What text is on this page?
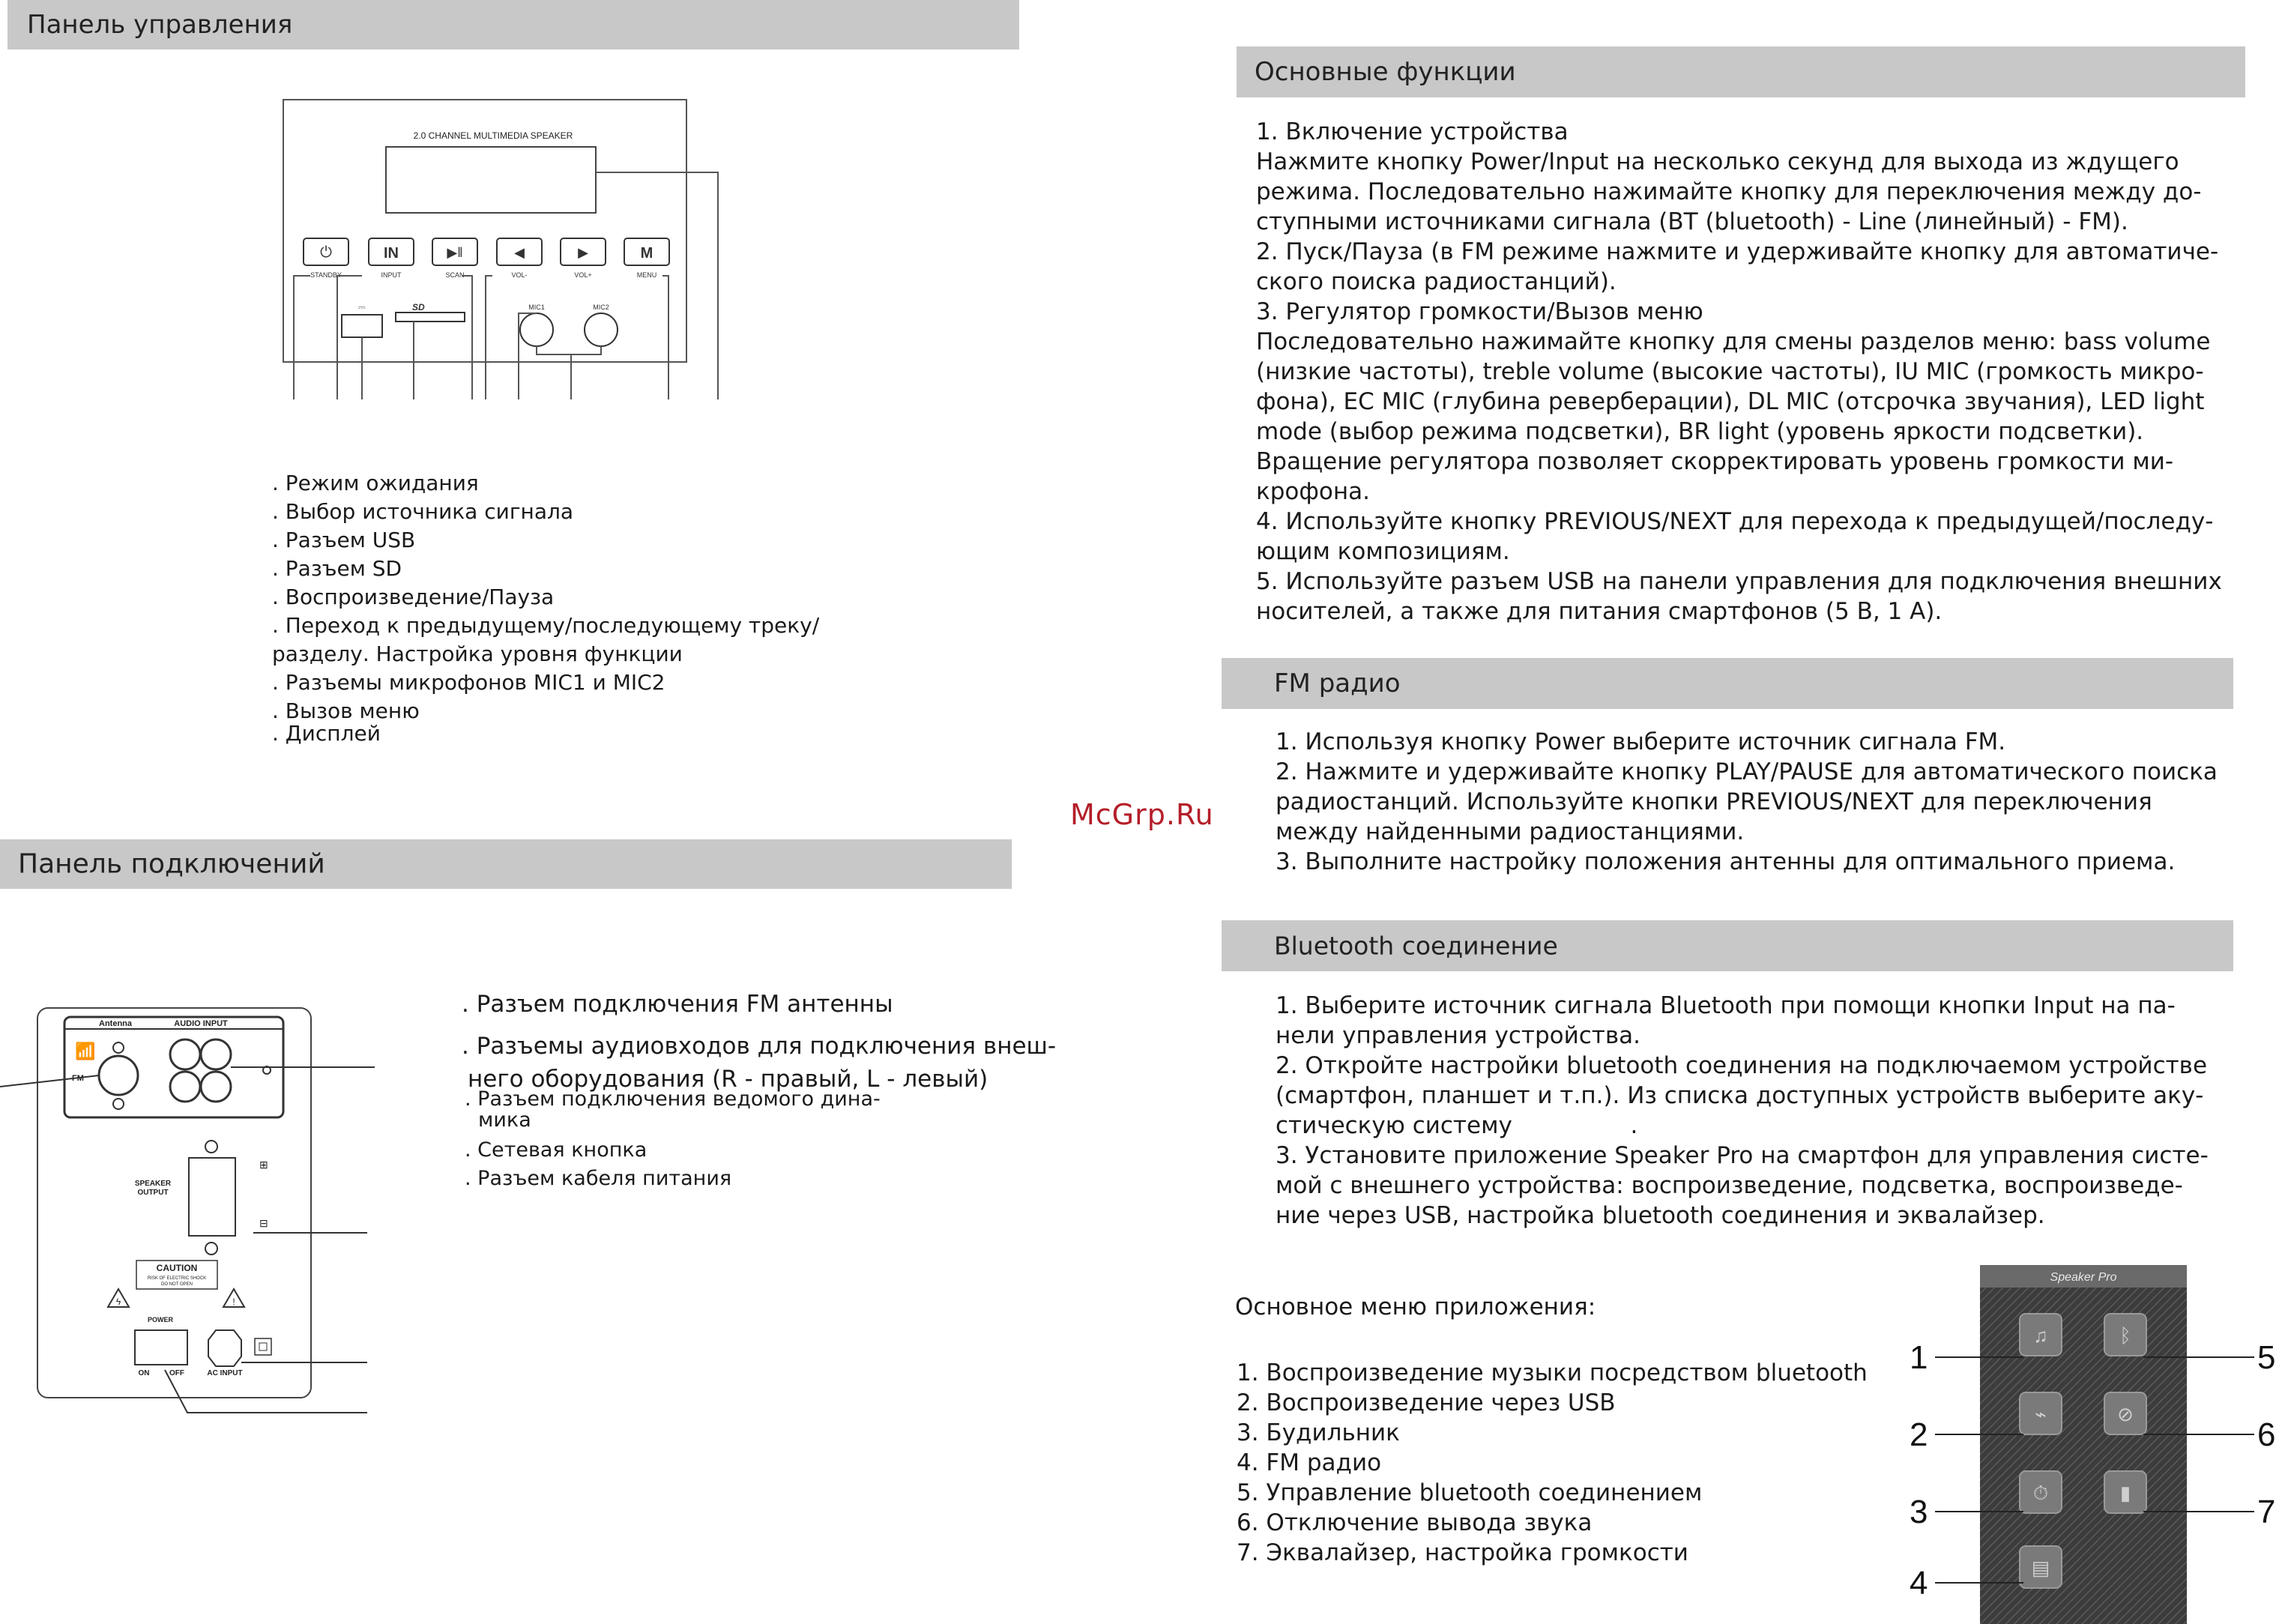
Панель управления
2.0 CHANNEL MULTIMEDIA SPEAKER
⏻	IN	▶‖	◀	▶	M
STANDBY	INPUT	SCAN	VOL-	VOL+	MENU
⎓	SD	MIC1	MIC2
. Режим ожидания
. Выбор источника сигнала
. Разъем USB
. Разъем SD
. Воспроизведение/Пауза
. Переход к предыдущему/последующему треку/
разделу. Настройка уровня функции
. Разъемы микрофонов MIC1 и MIC2
. Вызов меню
. Дисплей
Панель подключений
Antenna	AUDIO INPUT
📶
FM
SPEAKER
OUTPUT
⊞
⊟
ϟ
CAUTION
RISK OF ELECTRIC SHOCK
DO NOT OPEN
!
POWER
ON	OFF	AC INPUT
. Разъем подключения FM антенны
. Разъемы аудиовходов для подключения внеш-
него оборудования (R - правый, L - левый)
. Разъем подключения ведомого дина-
мика
. Сетевая кнопка
. Разъем кабеля питания
McGrp.Ru
Основные функции
1. Включение устройства
Нажмите кнопку Power/Input на несколько секунд для выхода из ждущего
режима. Последовательно нажимайте кнопку для переключения между до-
ступными источниками сигнала (BT (bluetooth) - Line (линейный) - FM).
2. Пуск/Пауза (в FM режиме нажмите и удерживайте кнопку для автоматиче-
ского поиска радиостанций).
3. Регулятор громкости/Вызов меню
Последовательно нажимайте кнопку для смены разделов меню: bass volume
(низкие частоты), treble volume (высокие частоты), IU MIC (громкость микро-
фона), EC MIC (глубина реверберации), DL MIC (отсрочка звучания), LED light
mode (выбор режима подсветки), BR light (уровень яркости подсветки).
Вращение регулятора позволяет скорректировать уровень громкости ми-
крофона.
4. Используйте кнопку PREVIOUS/NEXT для перехода к предыдущей/последу-
ющим композициям.
5. Используйте разъем USB на панели управления для подключения внешних
носителей, а также для питания смартфонов (5 В, 1 А).
FM радио
1. Используя кнопку Power выберите источник сигнала FM.
2. Нажмите и удерживайте кнопку PLAY/PAUSE для автоматического поиска
радиостанций. Используйте кнопки PREVIOUS/NEXT для переключения
между найденными радиостанциями.
3. Выполните настройку положения антенны для оптимального приема.
Bluetooth соединение
1. Выберите источник сигнала Bluetooth при помощи кнопки Input на па-
нели управления устройства.
2. Откройте настройки bluetooth соединения на подключаемом устройстве
(смартфон, планшет и т.п.). Из списка доступных устройств выберите аку-
стическую систему                .
3. Установите приложение Speaker Pro на смартфон для управления систе-
мой с внешнего устройства: воспроизведение, подсветка, воспроизведе-
ние через USB, настройка bluetooth соединения и эквалайзер.
Основное меню приложения:
1. Воспроизведение музыки посредством bluetooth
2. Воспроизведение через USB
3. Будильник
4. FM радио
5. Управление bluetooth соединением
6. Отключение вывода звука
7. Эквалайзер, настройка громкости
Speaker Pro
♫	ᛒ
⌁	⊘
⏱	▮
▤
1
2
3
4
5
6
7
